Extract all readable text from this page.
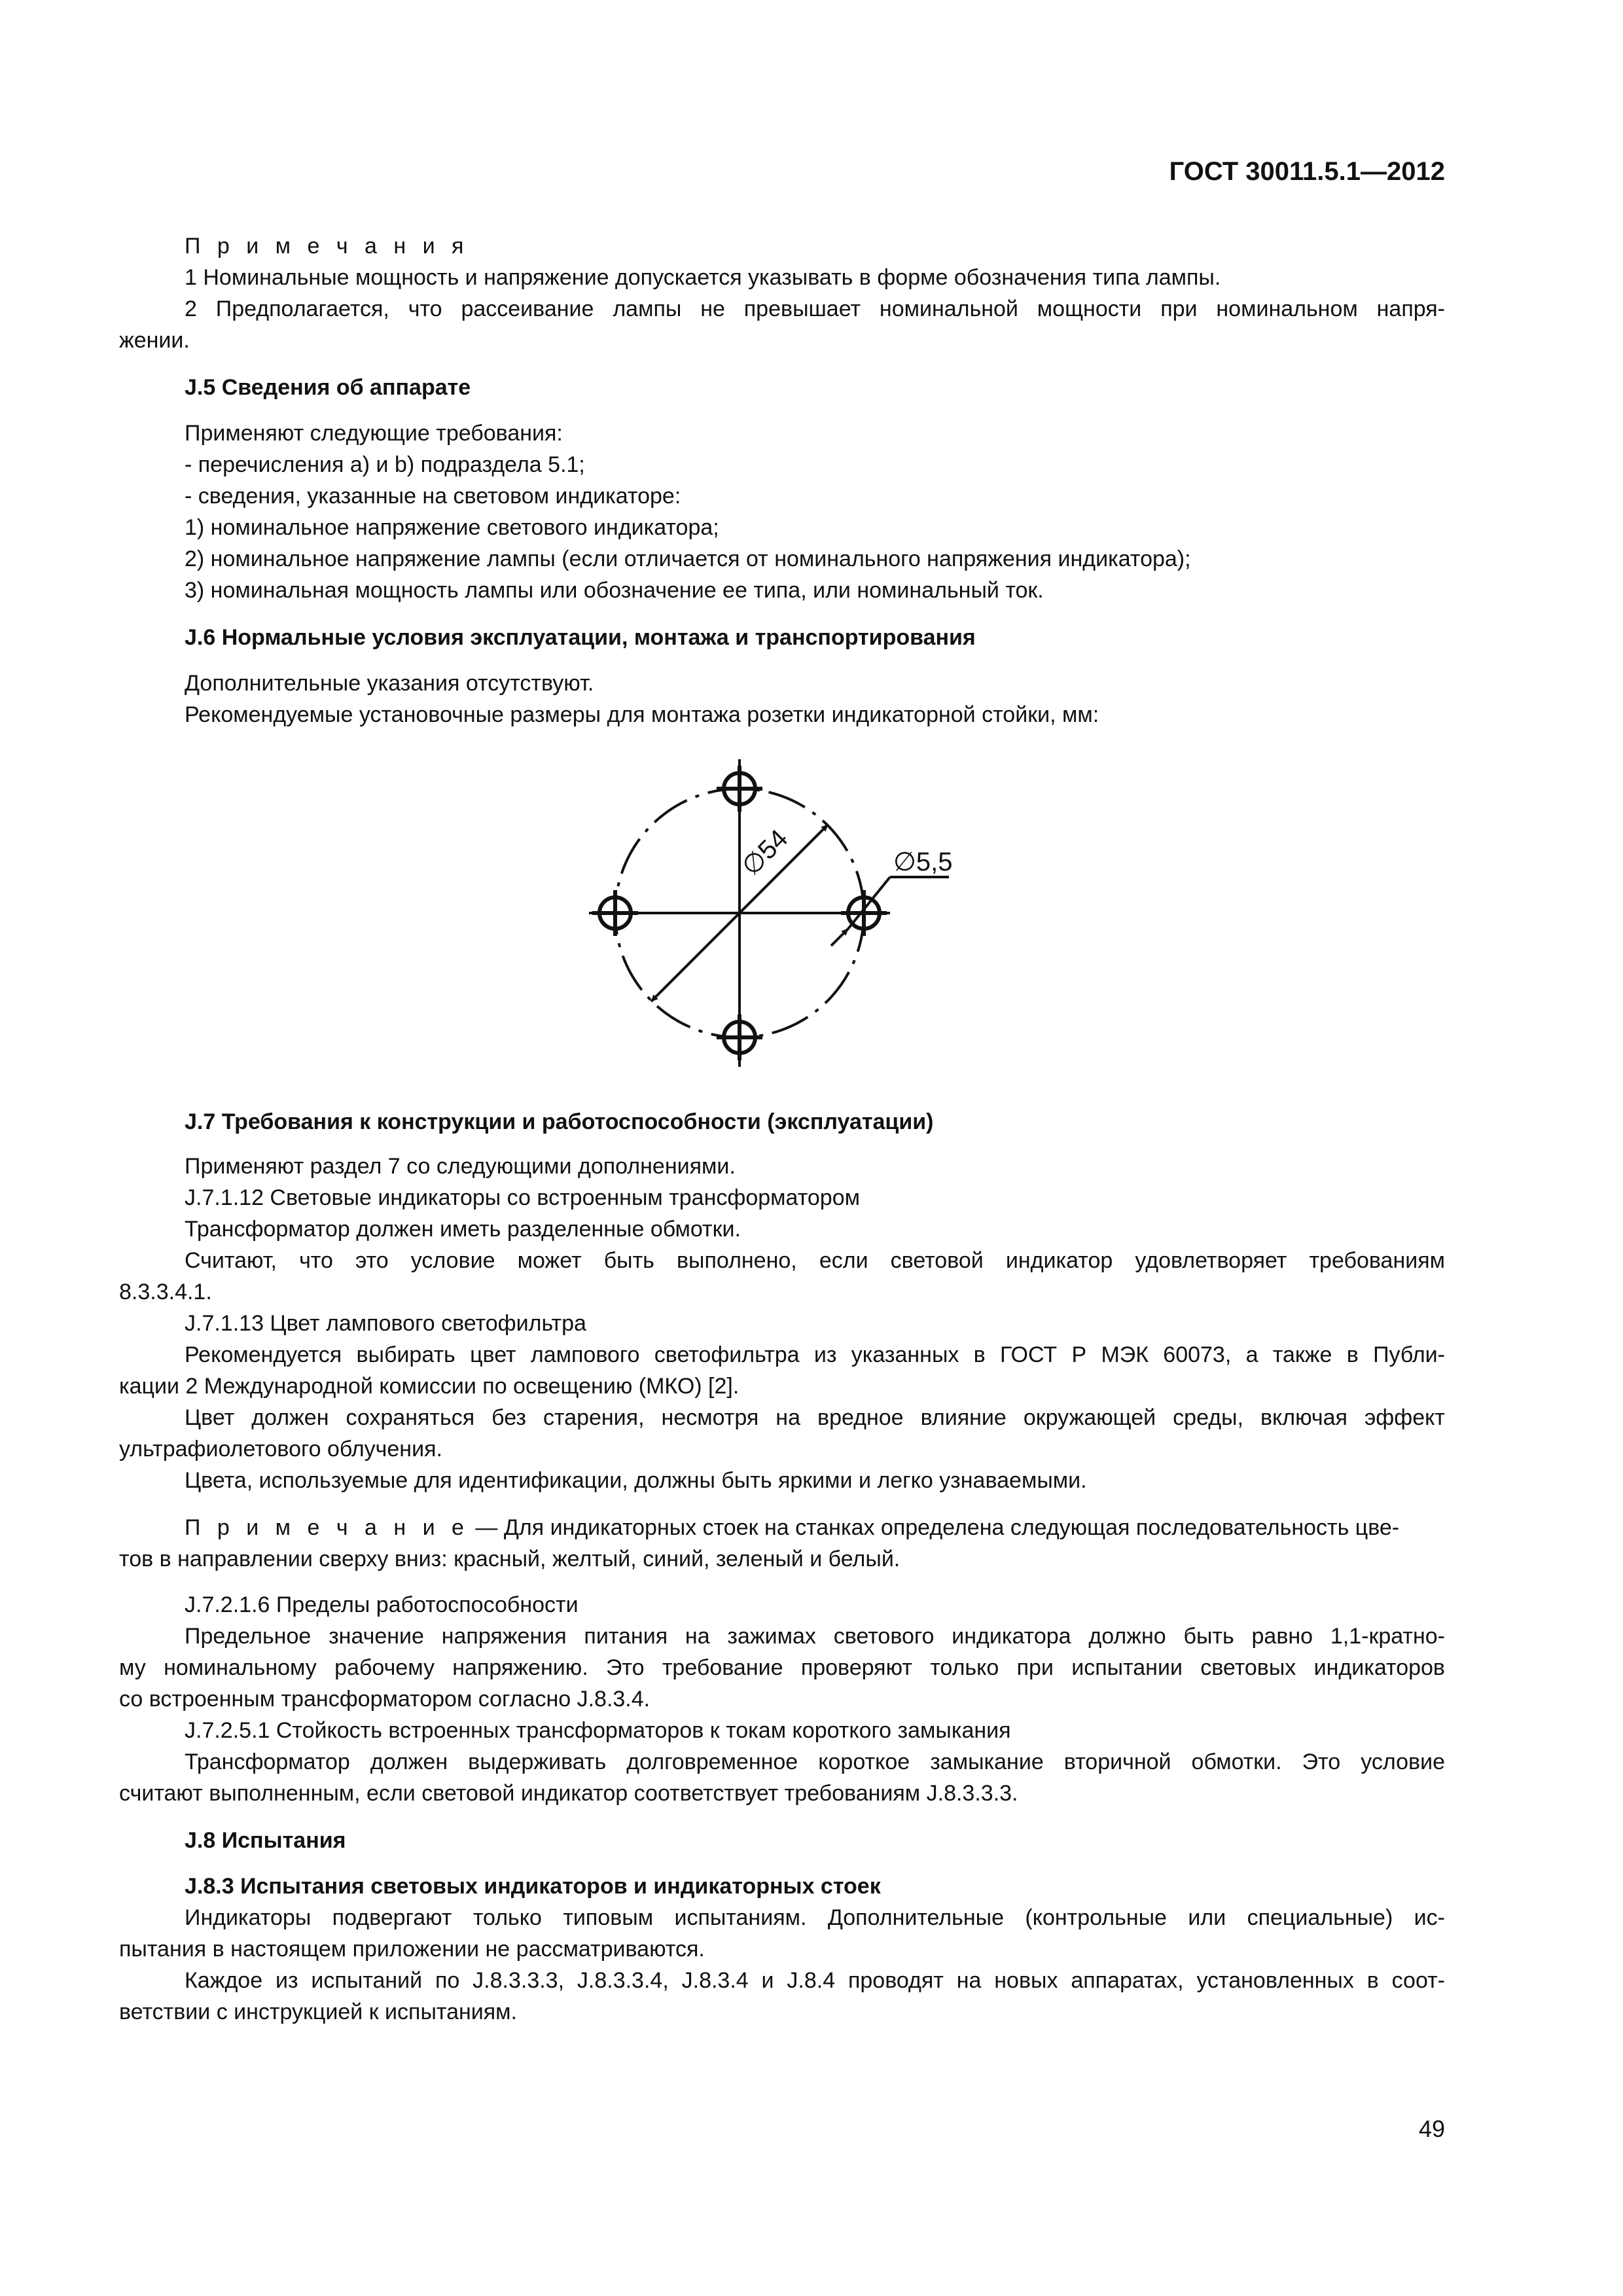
ГОСТ 30011.5.1—2012
П р и м е ч а н и я
1 Номинальные мощность и напряжение допускается указывать в форме обозначения типа лампы.
2 Предполагается, что рассеивание лампы не превышает номинальной мощности при номинальном напря-
жении.
J.5 Сведения об аппарате
Применяют следующие требования:
- перечисления a) и b) подраздела 5.1;
- сведения, указанные на световом индикаторе:
1) номинальное напряжение светового индикатора;
2) номинальное напряжение лампы (если отличается от номинального напряжения индикатора);
3) номинальная мощность лампы или обозначение ее типа, или номинальный ток.
J.6 Нормальные условия эксплуатации, монтажа и транспортирования
Дополнительные указания отсутствуют.
Рекомендуемые установочные размеры для монтажа розетки индикаторной стойки, мм:
∅54	∅5,5
J.7 Требования к конструкции и работоспособности (эксплуатации)
Применяют раздел 7 со следующими дополнениями.
J.7.1.12 Световые индикаторы со встроенным трансформатором
Трансформатор должен иметь разделенные обмотки.
Считают, что это условие может быть выполнено, если световой индикатор удовлетворяет требованиям
8.3.3.4.1.
J.7.1.13 Цвет лампового светофильтра
Рекомендуется выбирать цвет лампового светофильтра из указанных в ГОСТ Р МЭК 60073, а также в Публи-
кации 2 Международной комиссии по освещению (МКО) [2].
Цвет должен сохраняться без старения, несмотря на вредное влияние окружающей среды, включая эффект
ультрафиолетового облучения.
Цвета, используемые для идентификации, должны быть яркими и легко узнаваемыми.
П р и м е ч а н и е — Для индикаторных стоек на станках определена следующая последовательность цве-
тов в направлении сверху вниз: красный, желтый, синий, зеленый и белый.
J.7.2.1.6 Пределы работоспособности
Предельное значение напряжения питания на зажимах светового индикатора должно быть равно 1,1-кратно-
му номинальному рабочему напряжению. Это требование проверяют только при испытании световых индикаторов
со встроенным трансформатором согласно J.8.3.4.
J.7.2.5.1 Стойкость встроенных трансформаторов к токам короткого замыкания
Трансформатор должен выдерживать долговременное короткое замыкание вторичной обмотки. Это условие
считают выполненным, если световой индикатор соответствует требованиям J.8.3.3.3.
J.8 Испытания
J.8.3 Испытания световых индикаторов и индикаторных стоек
Индикаторы подвергают только типовым испытаниям. Дополнительные (контрольные или специальные) ис-
пытания в настоящем приложении не рассматриваются.
Каждое из испытаний по J.8.3.3.3, J.8.3.3.4, J.8.3.4 и J.8.4 проводят на новых аппаратах, установленных в соот-
ветствии с инструкцией к испытаниям.
49
